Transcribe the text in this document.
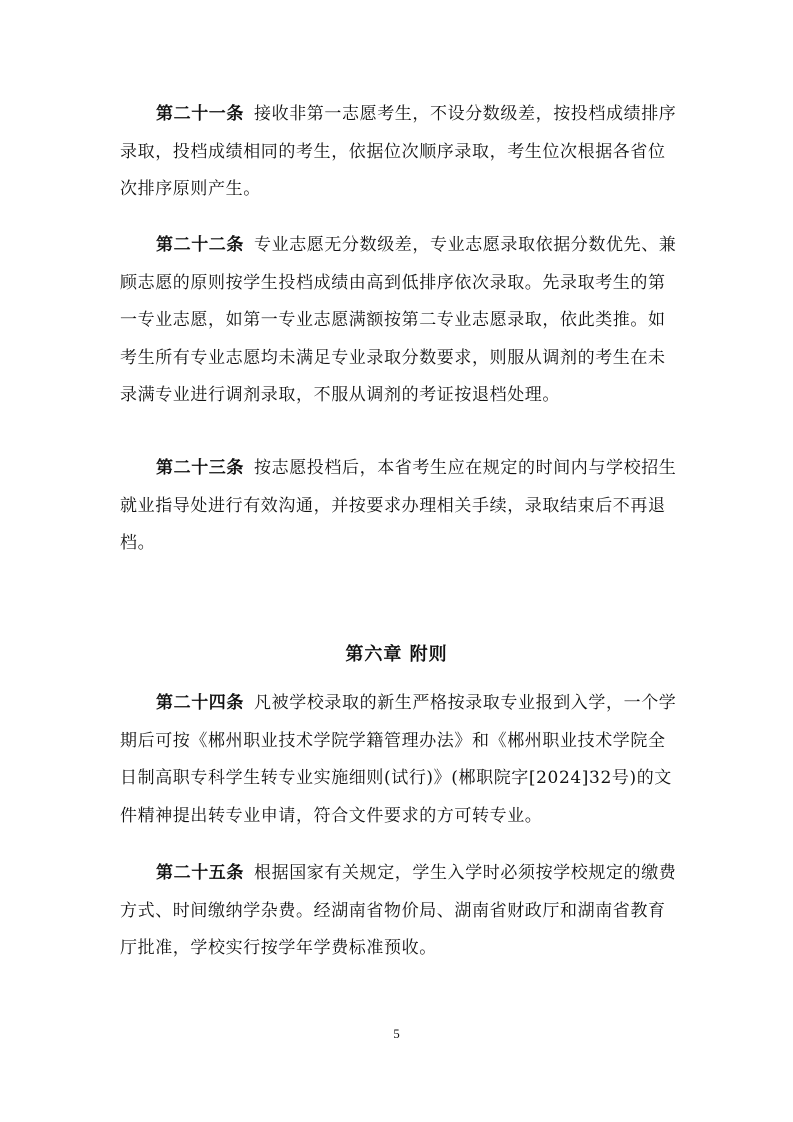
第二十一条 接收非第一志愿考生，不设分数级差，按投档成绩排序录取，投档成绩相同的考生，依据位次顺序录取，考生位次根据各省位次排序原则产生。

第二十二条 专业志愿无分数级差，专业志愿录取依据分数优先、兼顾志愿的原则按学生投档成绩由高到低排序依次录取。先录取考生的第一专业志愿，如第一专业志愿满额按第二专业志愿录取，依此类推。如考生所有专业志愿均未满足专业录取分数要求，则服从调剂的考生在未录满专业进行调剂录取，不服从调剂的考证按退档处理。

第二十三条 按志愿投档后，本省考生应在规定的时间内与学校招生就业指导处进行有效沟通，并按要求办理相关手续，录取结束后不再退档。

第六章 附则

第二十四条 凡被学校录取的新生严格按录取专业报到入学，一个学期后可按《郴州职业技术学院学籍管理办法》和《郴州职业技术学院全日制高职专科学生转专业实施细则(试行)》(郴职院字[2024]32号)的文件精神提出转专业申请，符合文件要求的方可转专业。

第二十五条 根据国家有关规定，学生入学时必须按学校规定的缴费方式、时间缴纳学杂费。经湖南省物价局、湖南省财政厅和湖南省教育厅批准，学校实行按学年学费标准预收。

5
